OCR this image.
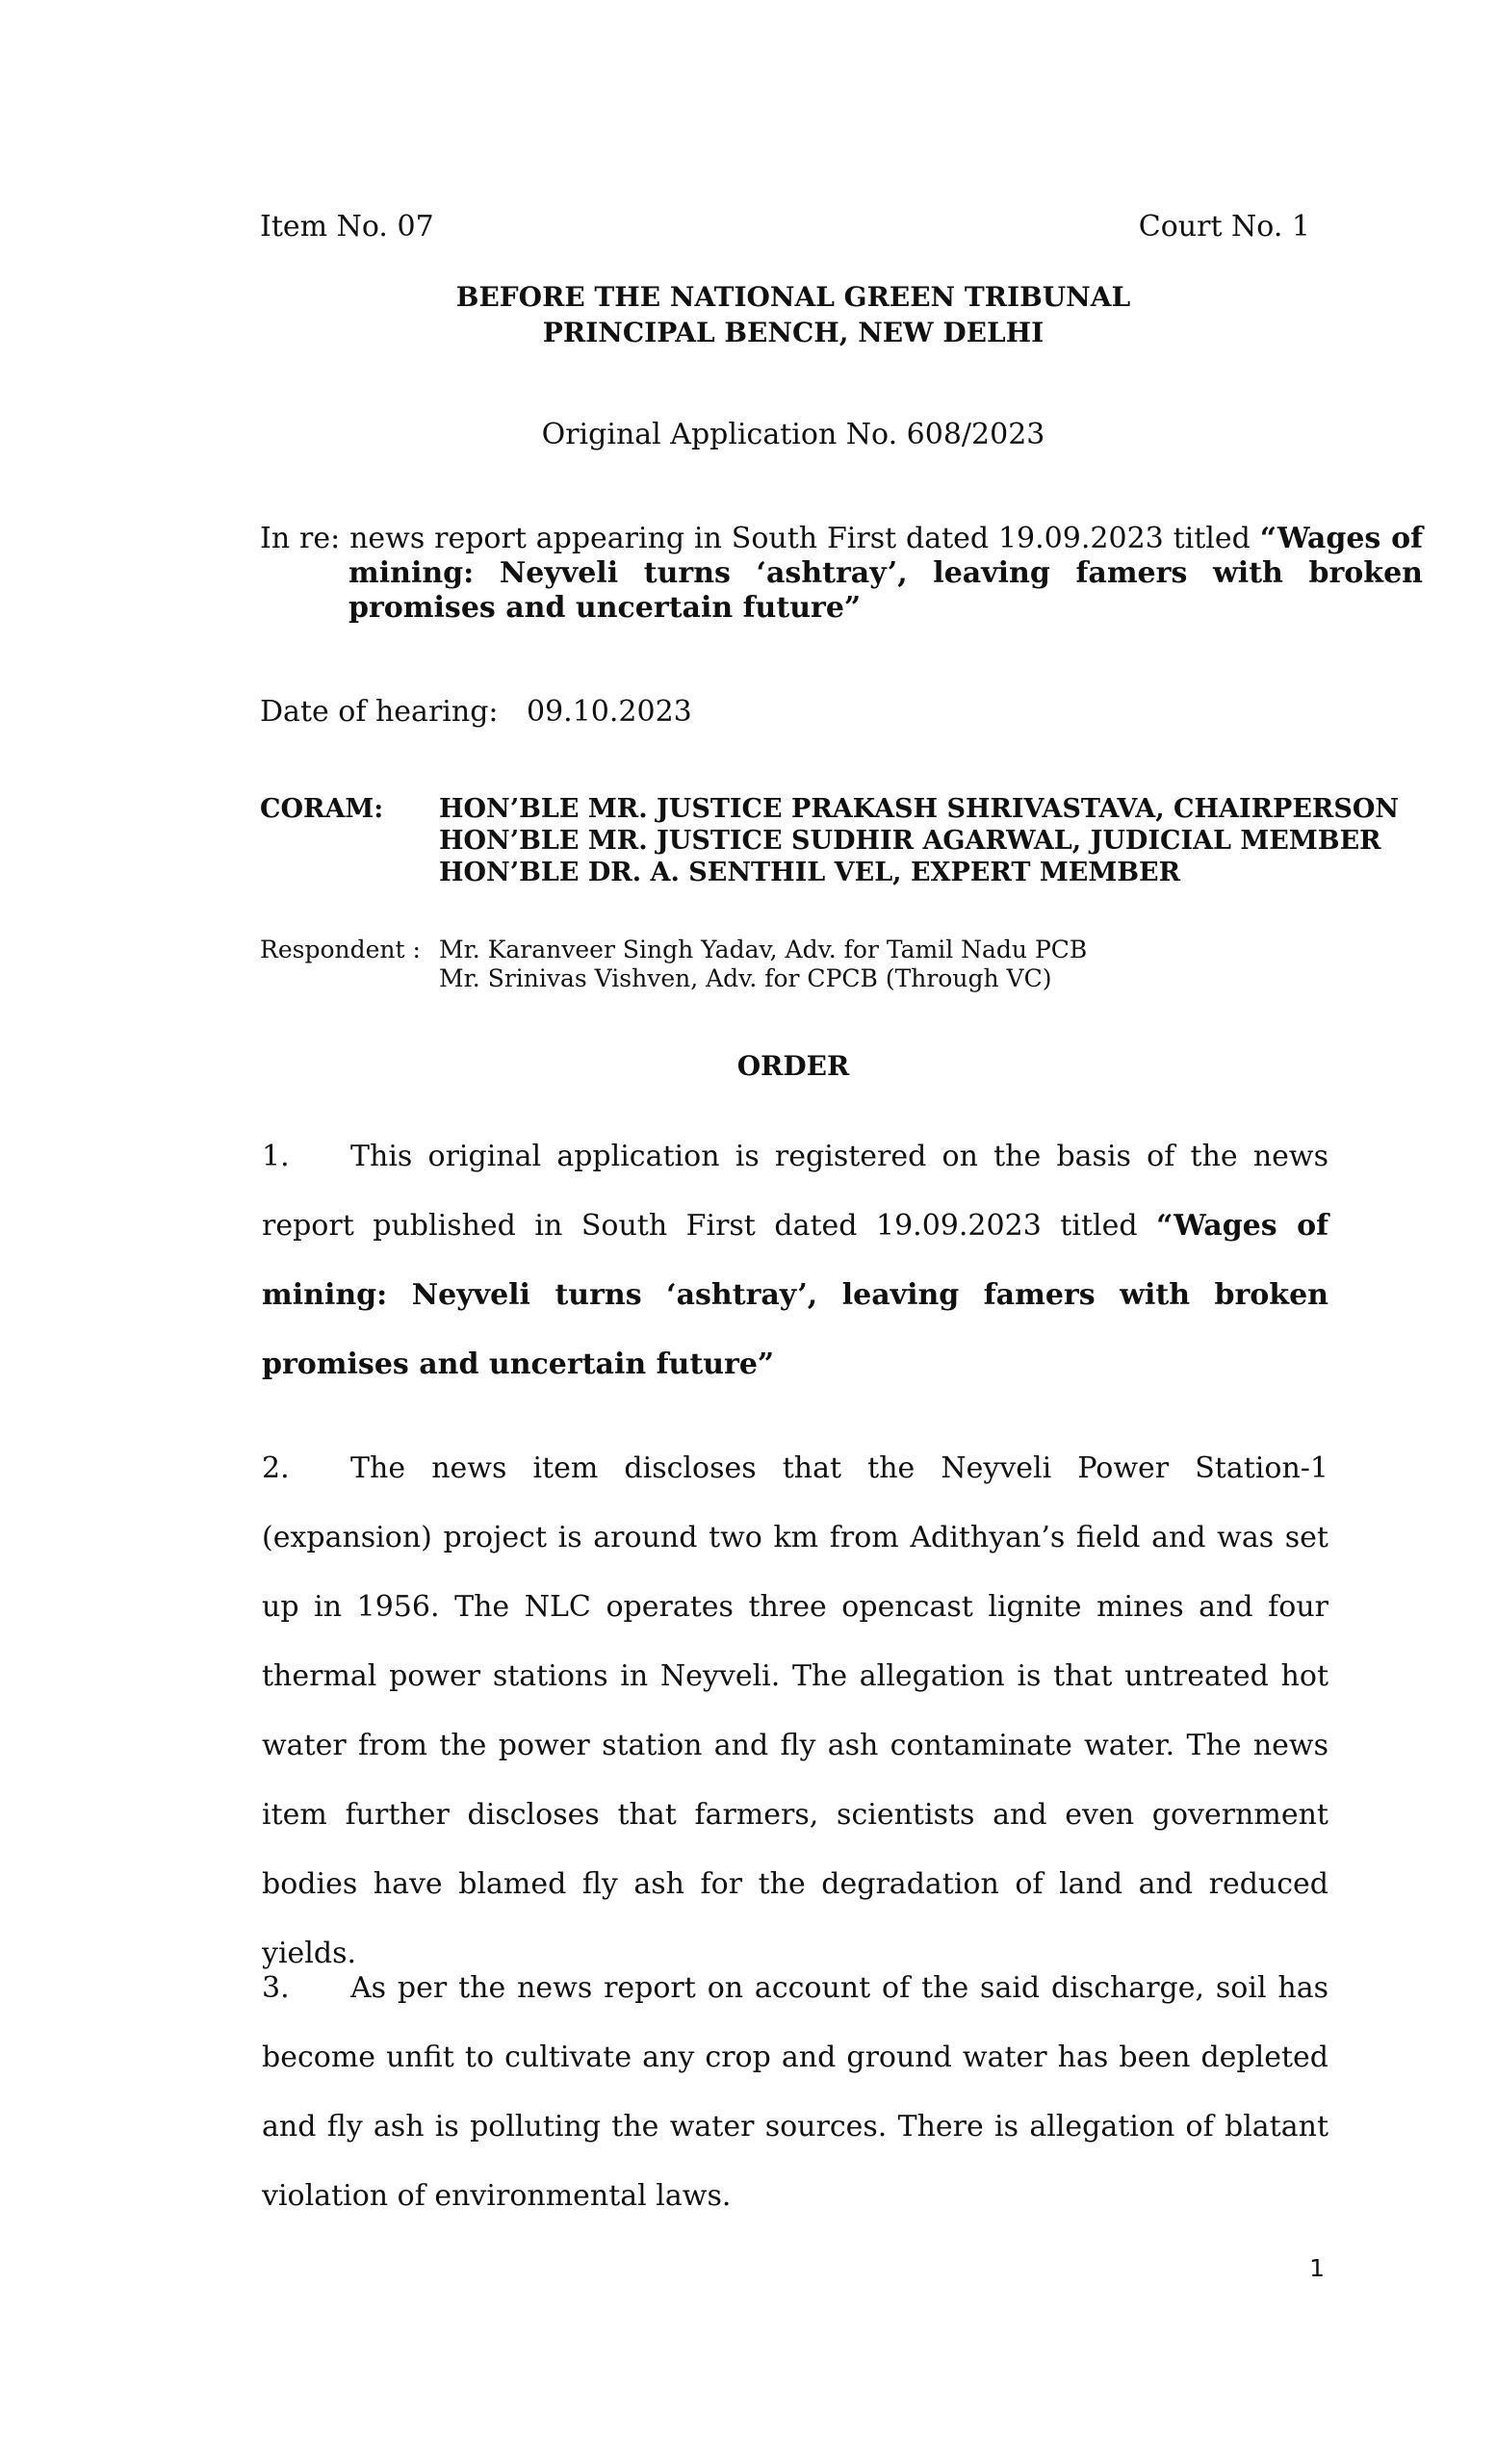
Item No. 07	Court No. 1
BEFORE THE NATIONAL GREEN TRIBUNAL
PRINCIPAL BENCH, NEW DELHI
Original Application No. 608/2023
In re: news report appearing in South First dated 19.09.2023 titled “Wages of mining: Neyveli turns ‘ashtray’, leaving famers with broken promises and uncertain future”
Date of hearing: 09.10.2023
CORAM: HON’BLE MR. JUSTICE PRAKASH SHRIVASTAVA, CHAIRPERSON
HON’BLE MR. JUSTICE SUDHIR AGARWAL, JUDICIAL MEMBER
HON’BLE DR. A. SENTHIL VEL, EXPERT MEMBER
Respondent : Mr. Karanveer Singh Yadav, Adv. for Tamil Nadu PCB
Mr. Srinivas Vishven, Adv. for CPCB (Through VC)
ORDER
1. This original application is registered on the basis of the news report published in South First dated 19.09.2023 titled “Wages of mining: Neyveli turns ‘ashtray’, leaving famers with broken promises and uncertain future”
2. The news item discloses that the Neyveli Power Station-1 (expansion) project is around two km from Adithyan’s field and was set up in 1956. The NLC operates three opencast lignite mines and four thermal power stations in Neyveli. The allegation is that untreated hot water from the power station and fly ash contaminate water. The news item further discloses that farmers, scientists and even government bodies have blamed fly ash for the degradation of land and reduced yields.
3. As per the news report on account of the said discharge, soil has become unfit to cultivate any crop and ground water has been depleted and fly ash is polluting the water sources. There is allegation of blatant violation of environmental laws.
1
